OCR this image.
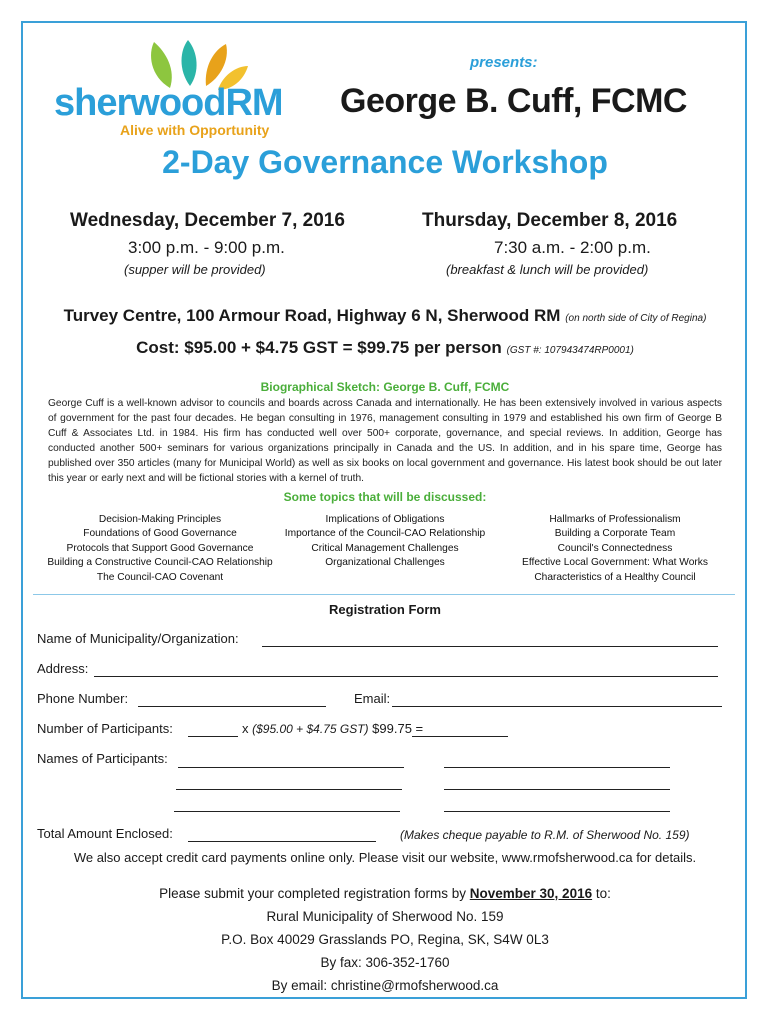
sherwoodRM
Alive with Opportunity
presents:
George B. Cuff, FCMC
2-Day Governance Workshop
Wednesday, December 7, 2016
3:00 p.m. - 9:00 p.m.
(supper will be provided)
Thursday, December 8, 2016
7:30 a.m. - 2:00 p.m.
(breakfast & lunch will be provided)
Turvey Centre, 100 Armour Road, Highway 6 N, Sherwood RM (on north side of City of Regina)
Cost: $95.00 + $4.75 GST = $99.75 per person (GST #: 107943474RP0001)
Biographical Sketch: George B. Cuff, FCMC
George Cuff is a well-known advisor to councils and boards across Canada and internationally. He has been extensively involved in various aspects of government for the past four decades. He began consulting in 1976, management consulting in 1979 and established his own firm of George B Cuff & Associates Ltd. in 1984. His firm has conducted well over 500+ corporate, governance, and special reviews. In addition, George has conducted another 500+ seminars for various organizations principally in Canada and the US. In addition, and in his spare time, George has published over 350 articles (many for Municipal World) as well as six books on local government and governance. His latest book should be out later this year or early next and will be fictional stories with a kernel of truth.
Some topics that will be discussed:
Decision-Making Principles
Foundations of Good Governance
Protocols that Support Good Governance
Building a Constructive Council-CAO Relationship
The Council-CAO Covenant
Implications of Obligations
Importance of the Council-CAO Relationship
Critical Management Challenges
Organizational Challenges
Hallmarks of Professionalism
Building a Corporate Team
Council's Connectedness
Effective Local Government: What Works
Characteristics of a Healthy Council
Registration Form
Name of Municipality/Organization:
Address:
Phone Number:	Email:
Number of Participants:	x ($95.00 + $4.75 GST) $99.75 =
Names of Participants:
Total Amount Enclosed:	(Makes cheque payable to R.M. of Sherwood No. 159)
We also accept credit card payments online only. Please visit our website, www.rmofsherwood.ca for details.
Please submit your completed registration forms by November 30, 2016 to:
Rural Municipality of Sherwood No. 159
P.O. Box 40029 Grasslands PO, Regina, SK, S4W 0L3
By fax: 306-352-1760
By email: christine@rmofsherwood.ca
